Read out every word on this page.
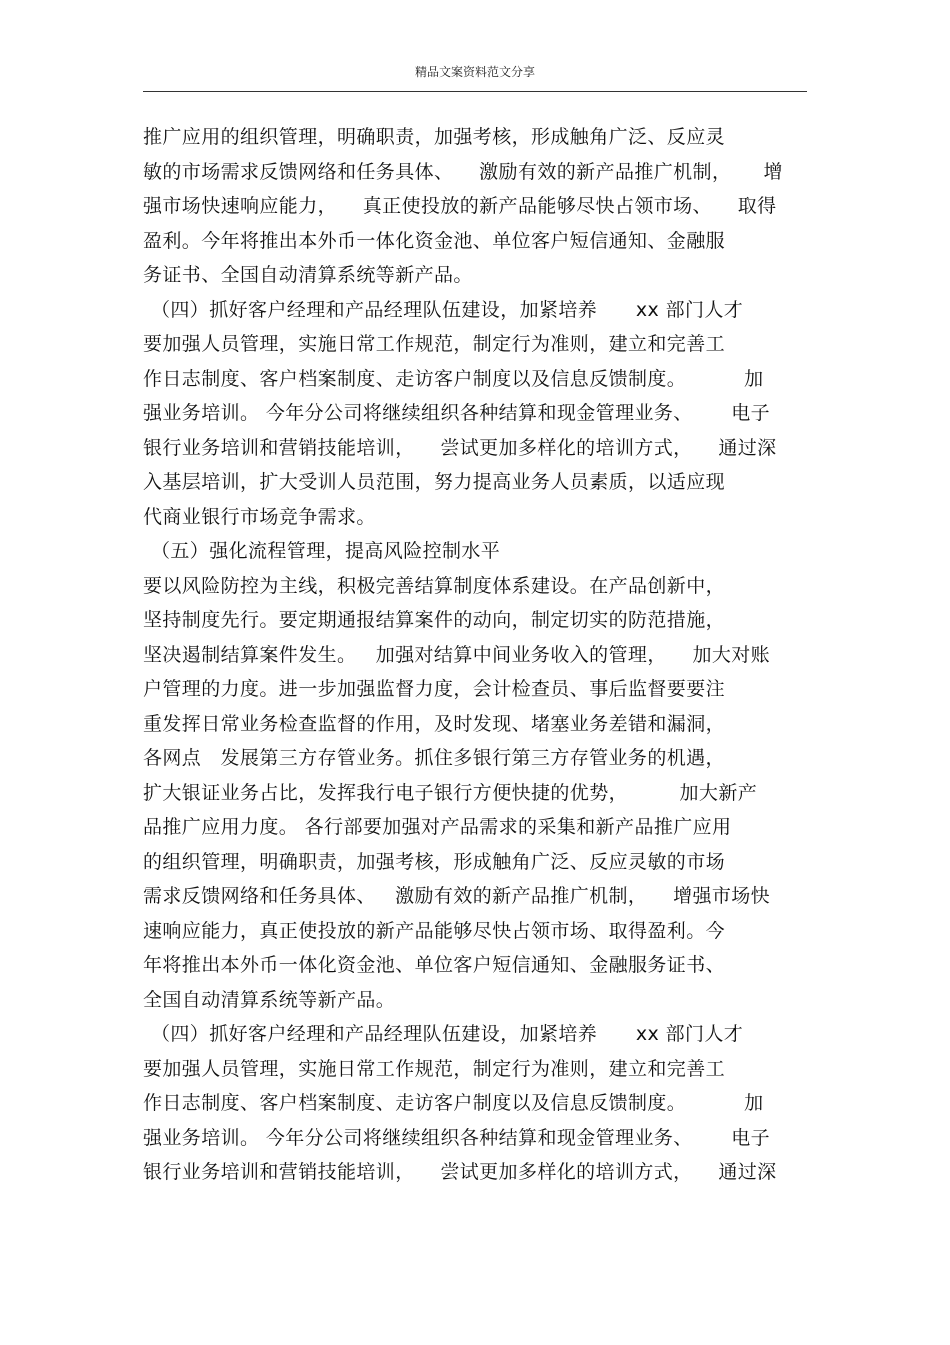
精品文案资料范文分享
推广应用的组织管理，明确职责，加强考核，形成触角广泛、反应灵
敏的市场需求反馈网络和任务具体、    激励有效的新产品推广机制，     增
强市场快速响应能力，    真正使投放的新产品能够尽快占领市场、    取得
盈利。今年将推出本外币一体化资金池、单位客户短信通知、金融服
务证书、全国自动清算系统等新产品。
（四）抓好客户经理和产品经理队伍建设，加紧培养      xx 部门人才
要加强人员管理，实施日常工作规范，制定行为准则，建立和完善工
作日志制度、客户档案制度、走访客户制度以及信息反馈制度。         加
强业务培训。 今年分公司将继续组织各种结算和现金管理业务、      电子
银行业务培训和营销技能培训，    尝试更加多样化的培训方式，    通过深
入基层培训，扩大受训人员范围，努力提高业务人员素质，以适应现
代商业银行市场竞争需求。
（五）强化流程管理，提高风险控制水平
要以风险防控为主线，积极完善结算制度体系建设。在产品创新中，
坚持制度先行。要定期通报结算案件的动向，制定切实的防范措施，
坚决遏制结算案件发生。   加强对结算中间业务收入的管理，    加大对账
户管理的力度。进一步加强监督力度，会计检查员、事后监督要要注
重发挥日常业务检查监督的作用，及时发现、堵塞业务差错和漏洞，
各网点   发展第三方存管业务。抓住多银行第三方存管业务的机遇，
扩大银证业务占比，发挥我行电子银行方便快捷的优势，        加大新产
品推广应用力度。 各行部要加强对产品需求的采集和新产品推广应用
的组织管理，明确职责，加强考核，形成触角广泛、反应灵敏的市场
需求反馈网络和任务具体、   激励有效的新产品推广机制，    增强市场快
速响应能力，真正使投放的新产品能够尽快占领市场、取得盈利。今
年将推出本外币一体化资金池、单位客户短信通知、金融服务证书、
全国自动清算系统等新产品。
（四）抓好客户经理和产品经理队伍建设，加紧培养      xx 部门人才
要加强人员管理，实施日常工作规范，制定行为准则，建立和完善工
作日志制度、客户档案制度、走访客户制度以及信息反馈制度。         加
强业务培训。 今年分公司将继续组织各种结算和现金管理业务、      电子
银行业务培训和营销技能培训，    尝试更加多样化的培训方式，    通过深
